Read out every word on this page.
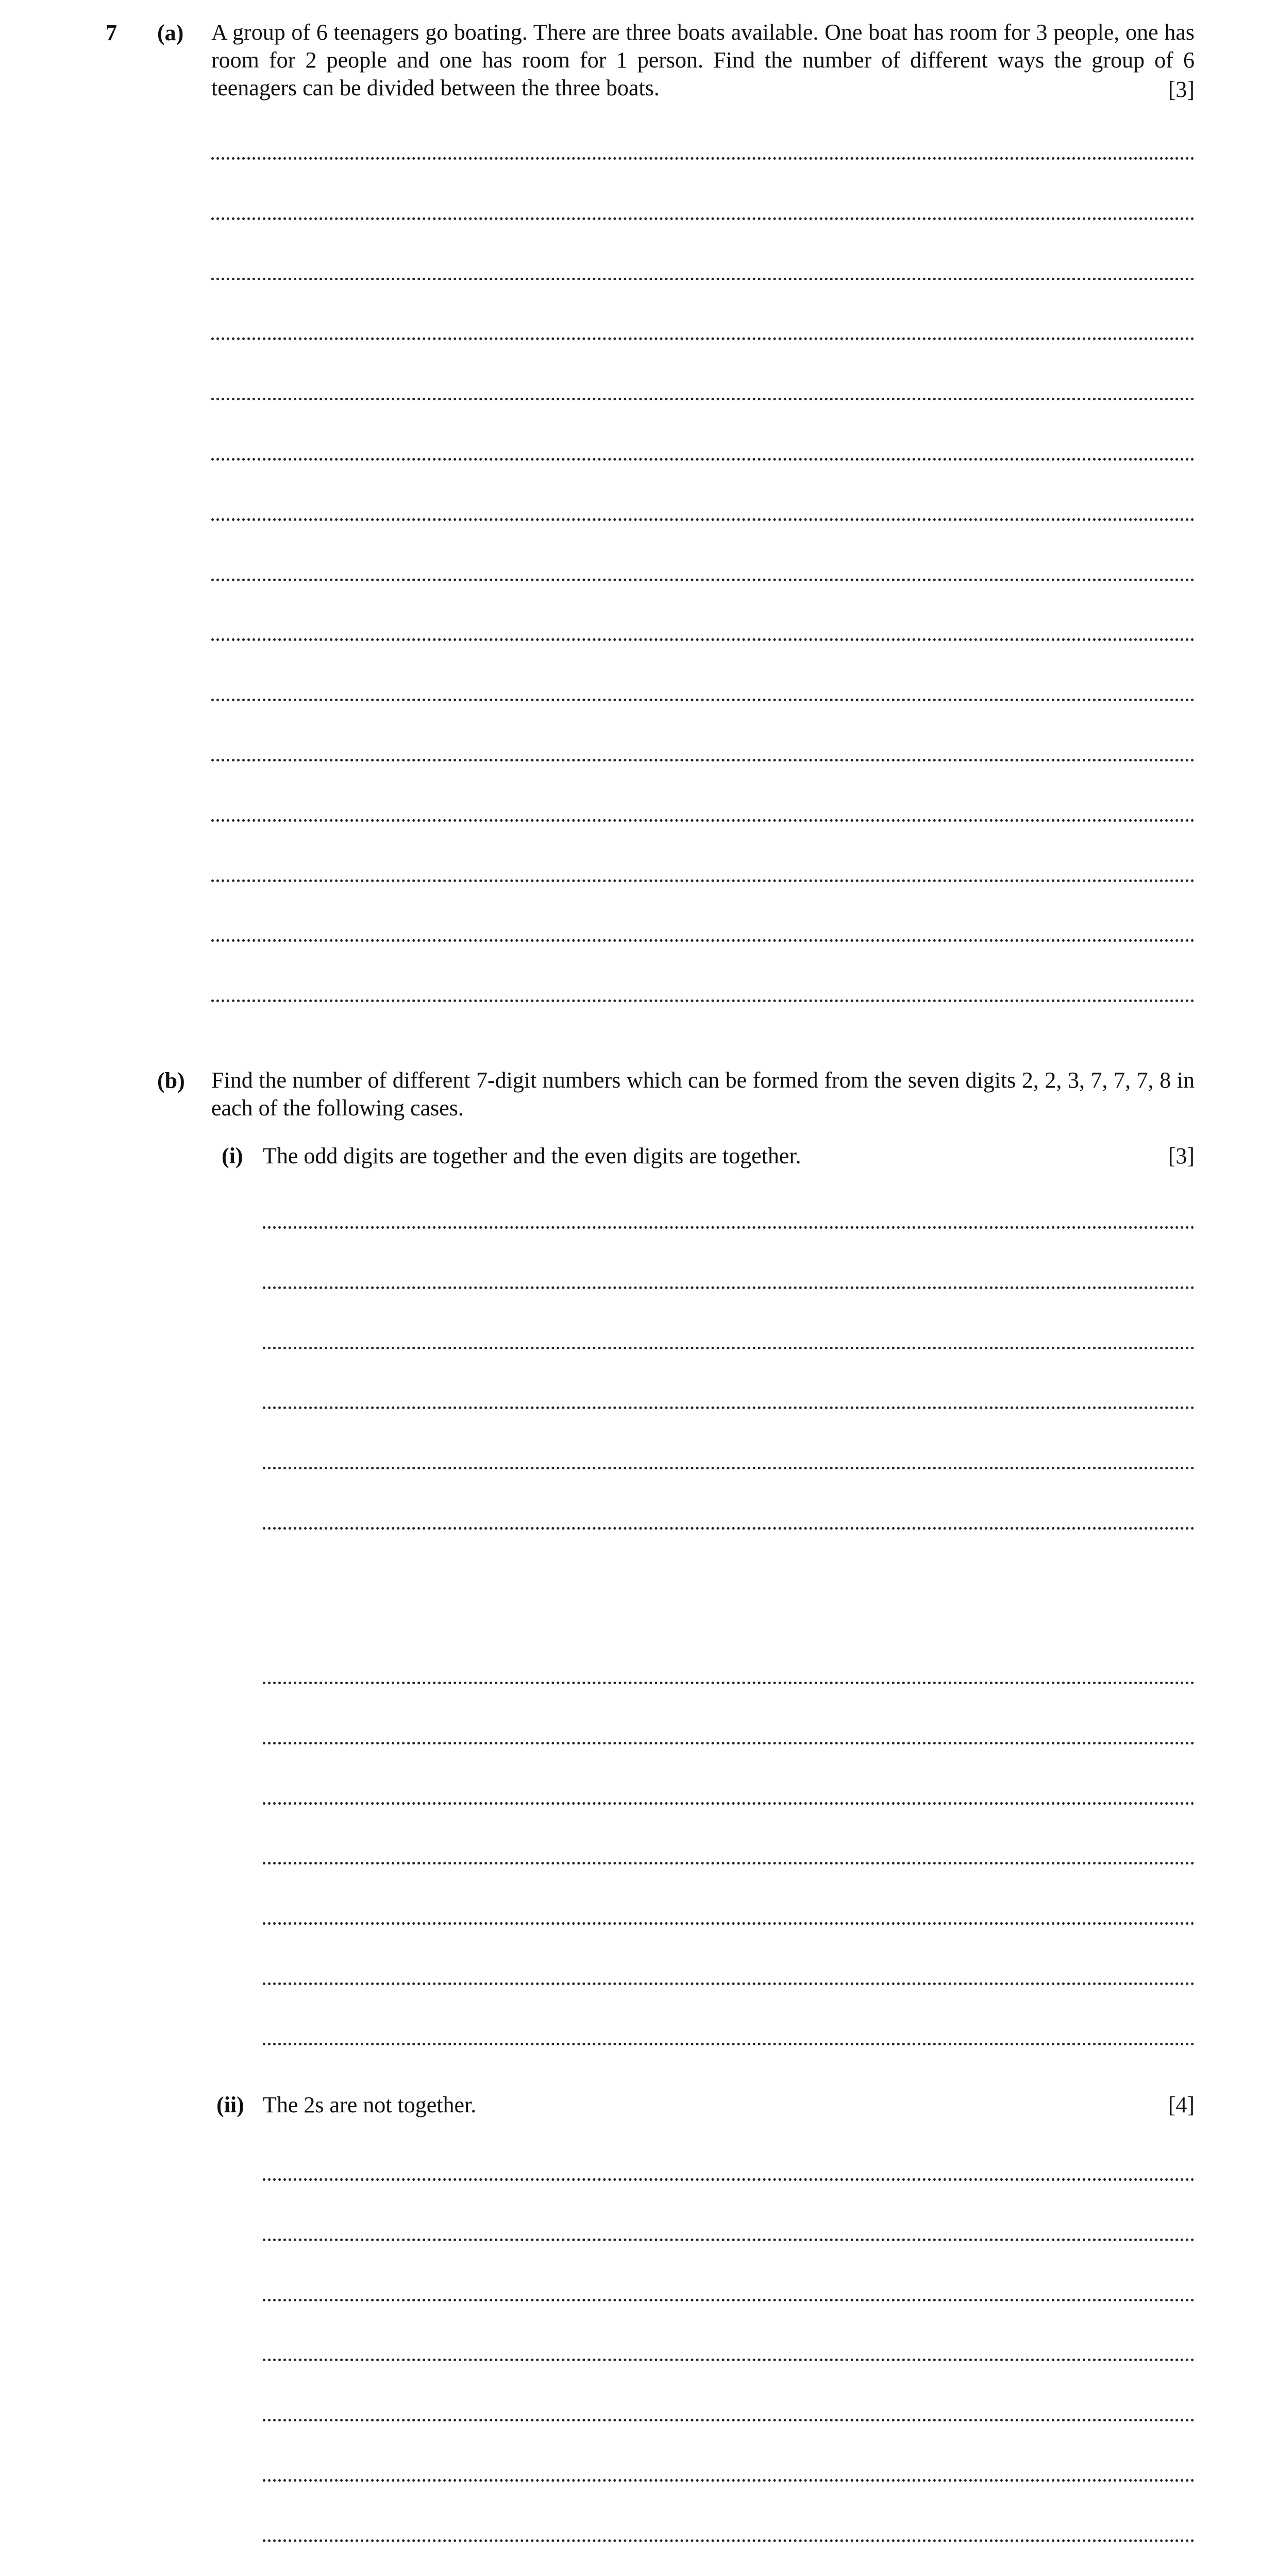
7 (a) A group of 6 teenagers go boating. There are three boats available. One boat has room for 3 people, one has room for 2 people and one has room for 1 person. Find the number of different ways the group of 6 teenagers can be divided between the three boats.	[3]
(b) Find the number of different 7-digit numbers which can be formed from the seven digits 2, 2, 3, 7, 7, 7, 8 in each of the following cases.
(i) The odd digits are together and the even digits are together.	[3]
(ii) The 2s are not together.	[4]
